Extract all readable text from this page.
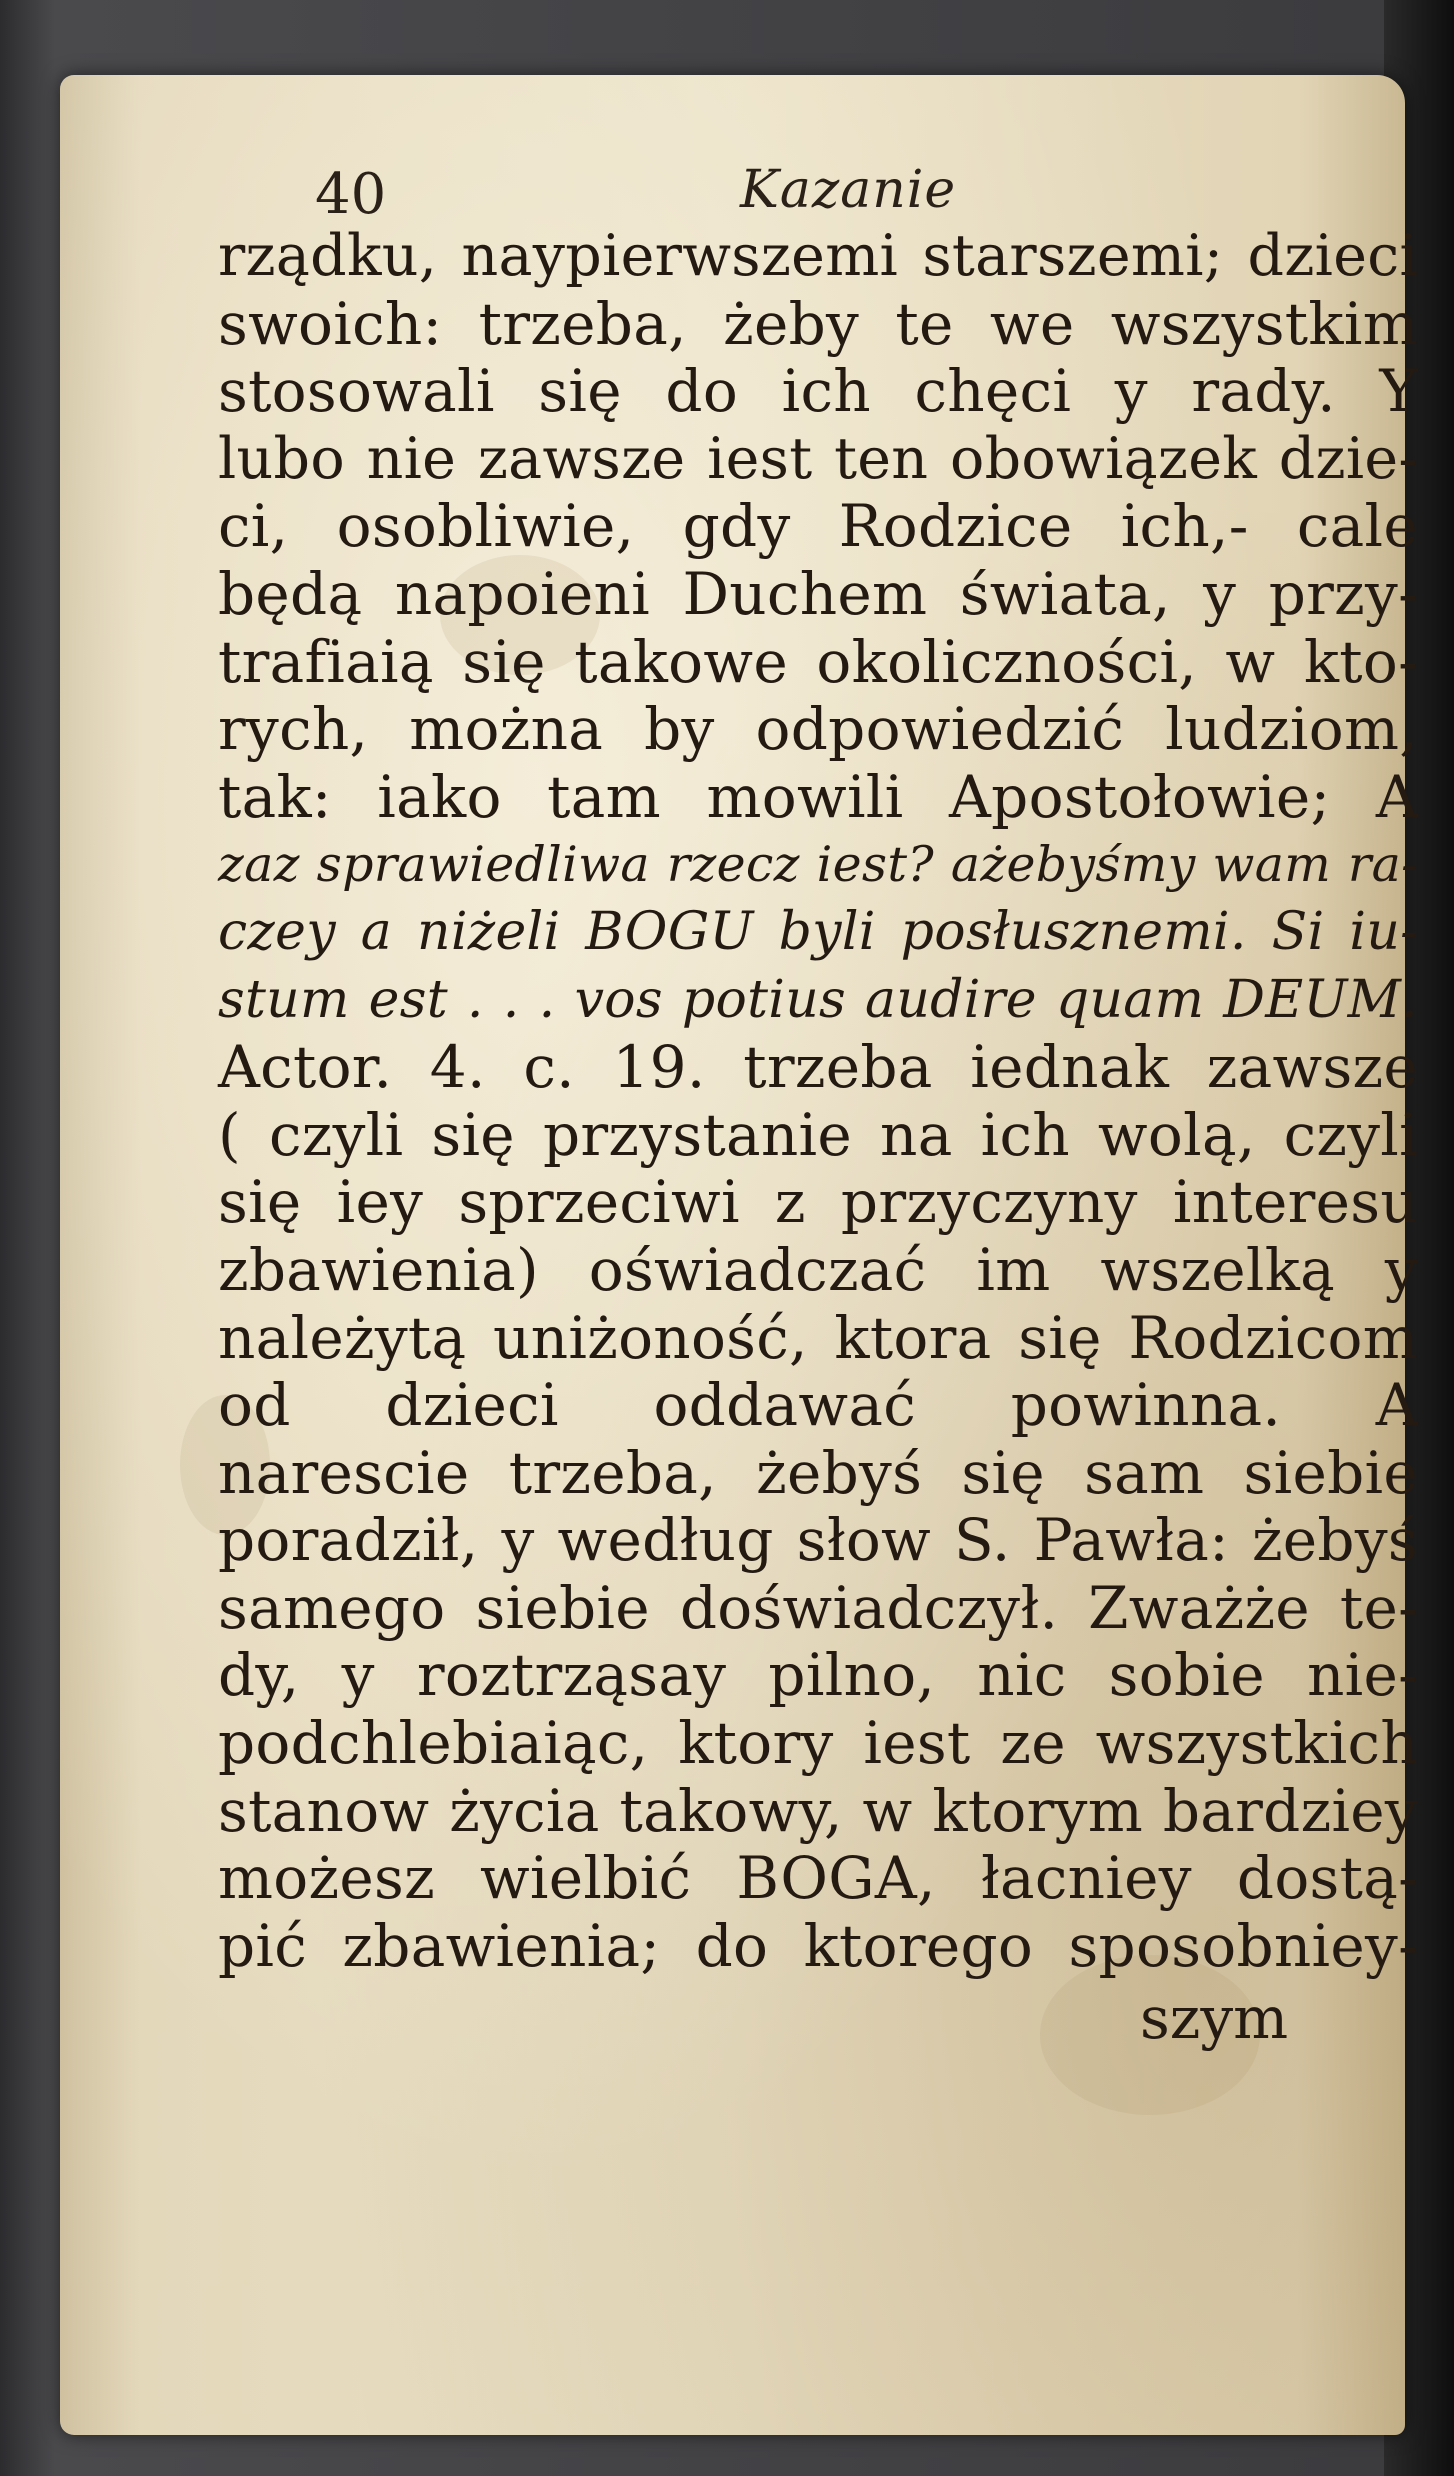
40	Kazanie
rządku, naypierwszemi starszemi; dzieci
swoich: trzeba, żeby te we wszystkim
stosowali się do ich chęci y rady. Y
lubo nie zawsze iest ten obowiązek dzie-
ci, osobliwie, gdy Rodzice ich,- cale
będą napoieni Duchem świata, y przy-
trafiaią się takowe okoliczności, w kto-
rych, można by odpowiedzić ludziom,
tak: iako tam mowili Apostołowie; A
zaz sprawiedliwa rzecz iest? ażebyśmy wam ra-
czey a niżeli BOGU byli posłusznemi. Si iu-
stum est . . . vos potius audire quam DEUM.
Actor. 4. c. 19. trzeba iednak zawsze
( czyli się przystanie na ich wolą, czyli
się iey sprzeciwi z przyczyny interesu
zbawienia) oświadczać im wszelką y
należytą uniżoność, ktora się Rodzicom
od dzieci oddawać powinna. A
narescie trzeba, żebyś się sam siebie
poradził, y według słow S. Pawła: żebyś
samego siebie doświadczył. Zważże te-
dy, y roztrząsay pilno, nic sobie nie-
podchlebiaiąc, ktory iest ze wszystkich
stanow życia takowy, w ktorym bardziey
możesz wielbić BOGA, łacniey dostą-
pić zbawienia; do ktorego sposobniey-
szym
